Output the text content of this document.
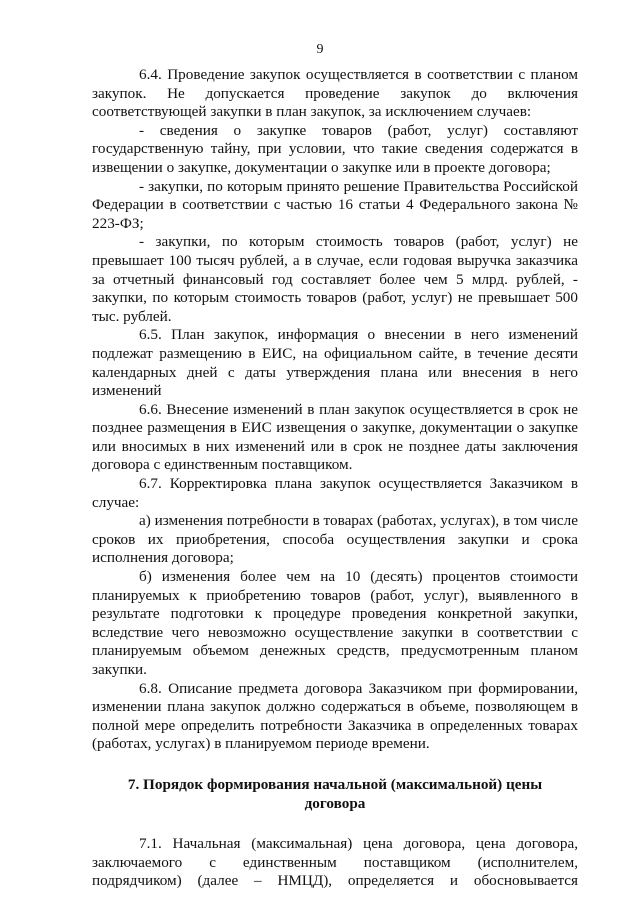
9

6.4. Проведение закупок осуществляется в соответствии с планом закупок. Не допускается проведение закупок до включения соответствующей закупки в план закупок, за исключением случаев:

- сведения о закупке товаров (работ, услуг) составляют государственную тайну, при условии, что такие сведения содержатся в извещении о закупке, документации о закупке или в проекте договора;

- закупки, по которым принято решение Правительства Российской Федерации в соответствии с частью 16 статьи 4 Федерального закона № 223-ФЗ;

- закупки, по которым стоимость товаров (работ, услуг) не превышает 100 тысяч рублей, а в случае, если годовая выручка заказчика за отчетный финансовый год составляет более чем 5 млрд. рублей, - закупки, по которым стоимость товаров (работ, услуг) не превышает 500 тыс. рублей.

6.5. План закупок, информация о внесении в него изменений подлежат размещению в ЕИС, на официальном сайте, в течение десяти календарных дней с даты утверждения плана или внесения в него изменений

6.6. Внесение изменений в план закупок осуществляется в срок не позднее размещения в ЕИС извещения о закупке, документации о закупке или вносимых в них изменений или в срок не позднее даты заключения договора с единственным поставщиком.

6.7. Корректировка плана закупок осуществляется Заказчиком в случае:

а) изменения потребности в товарах (работах, услугах), в том числе сроков их приобретения, способа осуществления закупки и срока исполнения договора;

б) изменения более чем на 10 (десять) процентов стоимости планируемых к приобретению товаров (работ, услуг), выявленного в результате подготовки к процедуре проведения конкретной закупки, вследствие чего невозможно осуществление закупки в соответствии с планируемым объемом денежных средств, предусмотренным планом закупки.

6.8. Описание предмета договора Заказчиком при формировании, изменении плана закупок должно содержаться в объеме, позволяющем в полной мере определить потребности Заказчика в определенных товарах (работах, услугах) в планируемом периоде времени.

7. Порядок формирования начальной (максимальной) цены договора

7.1. Начальная (максимальная) цена договора, цена договора, заключаемого с единственным поставщиком (исполнителем, подрядчиком) (далее – НМЦД), определяется и обосновывается
